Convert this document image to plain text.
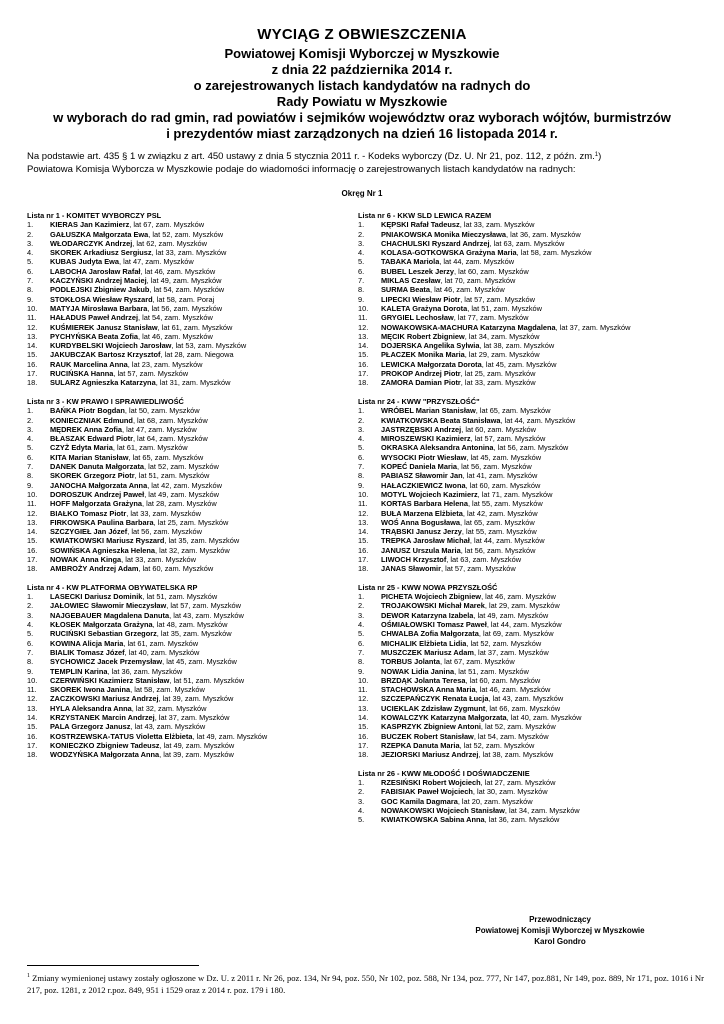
WYCIĄG Z OBWIESZCZENIA
Powiatowej Komisji Wyborczej w Myszkowie
z dnia 22 października 2014 r.
o zarejestrowanych listach kandydatów na radnych do
Rady Powiatu w Myszkowie
w wyborach do rad gmin, rad powiatów i sejmików województw oraz wyborach wójtów, burmistrzów
i prezydentów miast zarządzonych na dzień 16 listopada 2014 r.
Na podstawie art. 435 § 1 w związku z art. 450 ustawy z dnia 5 stycznia 2011 r. - Kodeks wyborczy (Dz. U. Nr 21, poz. 112, z późn. zm.$^1$)
Powiatowa Komisja Wyborcza w Myszkowie podaje do wiadomości informację o zarejestrowanych listach kandydatów na radnych:
Okręg Nr 1
Lista nr 1 - KOMITET WYBORCZY PSL
1. KIERAS Jan Kazimierz, lat 67, zam. Myszków
2. GAŁUSZKA Małgorzata Ewa, lat 52, zam. Myszków
3. WŁODARCZYK Andrzej, lat 62, zam. Myszków
4. SKOREK Arkadiusz Sergiusz, lat 33, zam. Myszków
5. KUBAS Judyta Ewa, lat 47, zam. Myszków
6. LABOCHA Jarosław Rafał, lat 46, zam. Myszków
7. KACZYŃSKI Andrzej Maciej, lat 49, zam. Myszków
8. PODLEJSKI Zbigniew Jakub, lat 54, zam. Myszków
9. STOKŁOSA Wiesław Ryszard, lat 58, zam. Poraj
10. MATYJA Mirosława Barbara, lat 56, zam. Myszków
11. HAŁADUS Paweł Andrzej, lat 54, zam. Myszków
12. KUŚMIEREK Janusz Stanisław, lat 61, zam. Myszków
13. PYCHYŃSKA Beata Zofia, lat 46, zam. Myszków
14. KURDYBELSKI Wojciech Jarosław, lat 53, zam. Myszków
15. JAKUBCZAK Bartosz Krzysztof, lat 28, zam. Niegowa
16. RAUK Marcelina Anna, lat 23, zam. Myszków
17. RUCIŃSKA Hanna, lat 57, zam. Myszków
18. SULARZ Agnieszka Katarzyna, lat 31, zam. Myszków
Lista nr 3 - KW PRAWO I SPRAWIEDLIWOŚĆ
1. BAŃKA Piotr Bogdan, lat 50, zam. Myszków
2. KONIECZNIAK Edmund, lat 68, zam. Myszków
3. MĘDREK Anna Zofia, lat 47, zam. Myszków
4. BŁASZAK Edward Piotr, lat 64, zam. Myszków
5. CZYŻ Edyta Maria, lat 61, zam. Myszków
6. KITA Marian Stanisław, lat 65, zam. Myszków
7. DANEK Danuta Małgorzata, lat 52, zam. Myszków
8. SKOREK Grzegorz Piotr, lat 51, zam. Myszków
9. JANOCHA Małgorzata Anna, lat 42, zam. Myszków
10. DOROSZUK Andrzej Paweł, lat 49, zam. Myszków
11. HOFF Małgorzata Grażyna, lat 28, zam. Myszków
12. BIAŁKO Tomasz Piotr, lat 33, zam. Myszków
13. FIRKOWSKA Paulina Barbara, lat 25, zam. Myszków
14. SZCZYGIEŁ Jan Józef, lat 56, zam. Myszków
15. KWIATKOWSKI Mariusz Ryszard, lat 35, zam. Myszków
16. SOWIŃSKA Agnieszka Helena, lat 32, zam. Myszków
17. NOWAK Anna Kinga, lat 33, zam. Myszków
18. AMBROŻY Andrzej Adam, lat 60, zam. Myszków
Lista nr 4 - KW PLATFORMA OBYWATELSKA RP
1. LASECKI Dariusz Dominik, lat 51, zam. Myszków
2. JAŁOWIEC Sławomir Mieczysław, lat 57, zam. Myszków
3. NAJGEBAUER Magdalena Danuta, lat 43, zam. Myszków
4. KŁOSEK Małgorzata Grażyna, lat 48, zam. Myszków
5. RUCIŃSKI Sebastian Grzegorz, lat 35, zam. Myszków
6. KOWINA Alicja Maria, lat 61, zam. Myszków
7. BIALIK Tomasz Józef, lat 40, zam. Myszków
8. SYCHOWICZ Jacek Przemysław, lat 45, zam. Myszków
9. TEMPLIN Karina, lat 36, zam. Myszków
10. CZERWIŃSKI Kazimierz Stanisław, lat 51, zam. Myszków
11. SKOREK Iwona Janina, lat 58, zam. Myszków
12. ZACZKOWSKI Mariusz Andrzej, lat 39, zam. Myszków
13. HYLA Aleksandra Anna, lat 32, zam. Myszków
14. KRZYSTANEK Marcin Andrzej, lat 37, zam. Myszków
15. PALA Grzegorz Janusz, lat 43, zam. Myszków
16. KOSTRZEWSKA-TATUS Violetta Elżbieta, lat 49, zam. Myszków
17. KONIECZKO Zbigniew Tadeusz, lat 49, zam. Myszków
18. WODZYŃSKA Małgorzata Anna, lat 39, zam. Myszków
Lista nr 6 - KKW SLD LEWICA RAZEM
1. KĘPSKI Rafał Tadeusz, lat 33, zam. Myszków
2. PNIAKOWSKA Monika Mieczysława, lat 36, zam. Myszków
3. CHACHULSKI Ryszard Andrzej, lat 63, zam. Myszków
4. KOLASA-GOTKOWSKA Grażyna Maria, lat 58, zam. Myszków
5. TABAKA Mariola, lat 44, zam. Myszków
6. BUBEL Leszek Jerzy, lat 60, zam. Myszków
7. MIKLAS Czesław, lat 70, zam. Myszków
8. SURMA Beata, lat 46, zam. Myszków
9. LIPECKI Wiesław Piotr, lat 57, zam. Myszków
10. KALETA Grażyna Dorota, lat 51, zam. Myszków
11. GRYGIEL Lechosław, lat 77, zam. Myszków
12. NOWAKOWSKA-MACHURA Katarzyna Magdalena, lat 37, zam. Myszków
13. MĘCIK Robert Zbigniew, lat 34, zam. Myszków
14. DOJERSKA Angelika Sylwia, lat 38, zam. Myszków
15. PŁACZEK Monika Maria, lat 29, zam. Myszków
16. LEWICKA Małgorzata Dorota, lat 45, zam. Myszków
17. PROKOP Andrzej Piotr, lat 25, zam. Myszków
18. ZAMORA Damian Piotr, lat 33, zam. Myszków
Lista nr 24 - KWW "PRZYSZŁOŚĆ"
1. WRÓBEL Marian Stanisław, lat 65, zam. Myszków
2. KWIATKOWSKA Beata Stanisława, lat 44, zam. Myszków
3. JASTRZĘBSKI Andrzej, lat 60, zam. Myszków
4. MIROSZEWSKI Kazimierz, lat 57, zam. Myszków
5. OKRASKA Aleksandra Antonina, lat 56, zam. Myszków
6. WYSOCKI Piotr Wiesław, lat 45, zam. Myszków
7. KOPEĆ Daniela Maria, lat 56, zam. Myszków
8. PABIASZ Sławomir Jan, lat 41, zam. Myszków
9. HAŁACZKIEWICZ Iwona, lat 60, zam. Myszków
10. MOTYL Wojciech Kazimierz, lat 71, zam. Myszków
11. KORTAS Barbara Helena, lat 55, zam. Myszków
12. BUŁA Marzena Elżbieta, lat 42, zam. Myszków
13. WOŚ Anna Bogusława, lat 65, zam. Myszków
14. TRĄBSKI Janusz Jerzy, lat 55, zam. Myszków
15. TREPKA Jarosław Michał, lat 44, zam. Myszków
16. JANUSZ Urszula Maria, lat 56, zam. Myszków
17. LIWOCH Krzysztof, lat 63, zam. Myszków
18. JANAS Sławomir, lat 57, zam. Myszków
Lista nr 25 - KWW NOWA PRZYSZŁOŚĆ
1. PICHETA Wojciech Zbigniew, lat 46, zam. Myszków
2. TROJAKOWSKI Michał Marek, lat 29, zam. Myszków
3. DEWOR Katarzyna Izabela, lat 49, zam. Myszków
4. OŚMIAŁOWSKI Tomasz Paweł, lat 44, zam. Myszków
5. CHWALBA Zofia Małgorzata, lat 69, zam. Myszków
6. MICHALIK Elżbieta Lidia, lat 52, zam. Myszków
7. MUSZCZEK Mariusz Adam, lat 37, zam. Myszków
8. TORBUS Jolanta, lat 67, zam. Myszków
9. NOWAK Lidia Janina, lat 51, zam. Myszków
10. BRZDĄK Jolanta Teresa, lat 60, zam. Myszków
11. STACHOWSKA Anna Maria, lat 46, zam. Myszków
12. SZCZEPAŃCZYK Renata Łucja, lat 43, zam. Myszków
13. UCIEKLAK Zdzisław Zygmunt, lat 66, zam. Myszków
14. KOWALCZYK Katarzyna Małgorzata, lat 40, zam. Myszków
15. KASPRZYK Zbigniew Antoni, lat 52, zam. Myszków
16. BUCZEK Robert Stanisław, lat 54, zam. Myszków
17. RZEPKA Danuta Maria, lat 52, zam. Myszków
18. JEZIORSKI Mariusz Andrzej, lat 38, zam. Myszków
Lista nr 26 - KWW MŁODOŚĆ I DOŚWIADCZENIE
1. RZESIŃSKI Robert Wojciech, lat 27, zam. Myszków
2. FABISIAK Paweł Wojciech, lat 30, zam. Myszków
3. GOC Kamila Dagmara, lat 20, zam. Myszków
4. NOWAKOWSKI Wojciech Stanisław, lat 34, zam. Myszków
5. KWIATKOWSKA Sabina Anna, lat 36, zam. Myszków
Przewodniczący
Powiatowej Komisji Wyborczej w Myszkowie
Karol Gondro
$^1$ Zmiany wymienionej ustawy zostały ogłoszone w Dz. U. z 2011 r. Nr 26, poz. 134, Nr 94, poz. 550, Nr 102, poz. 588, Nr 134, poz. 777, Nr 147, poz.881, Nr 149, poz. 889, Nr 171, poz. 1016 i Nr 217, poz. 1281, z 2012 r.poz. 849, 951 i 1529 oraz z 2014 r. poz. 179 i 180.
